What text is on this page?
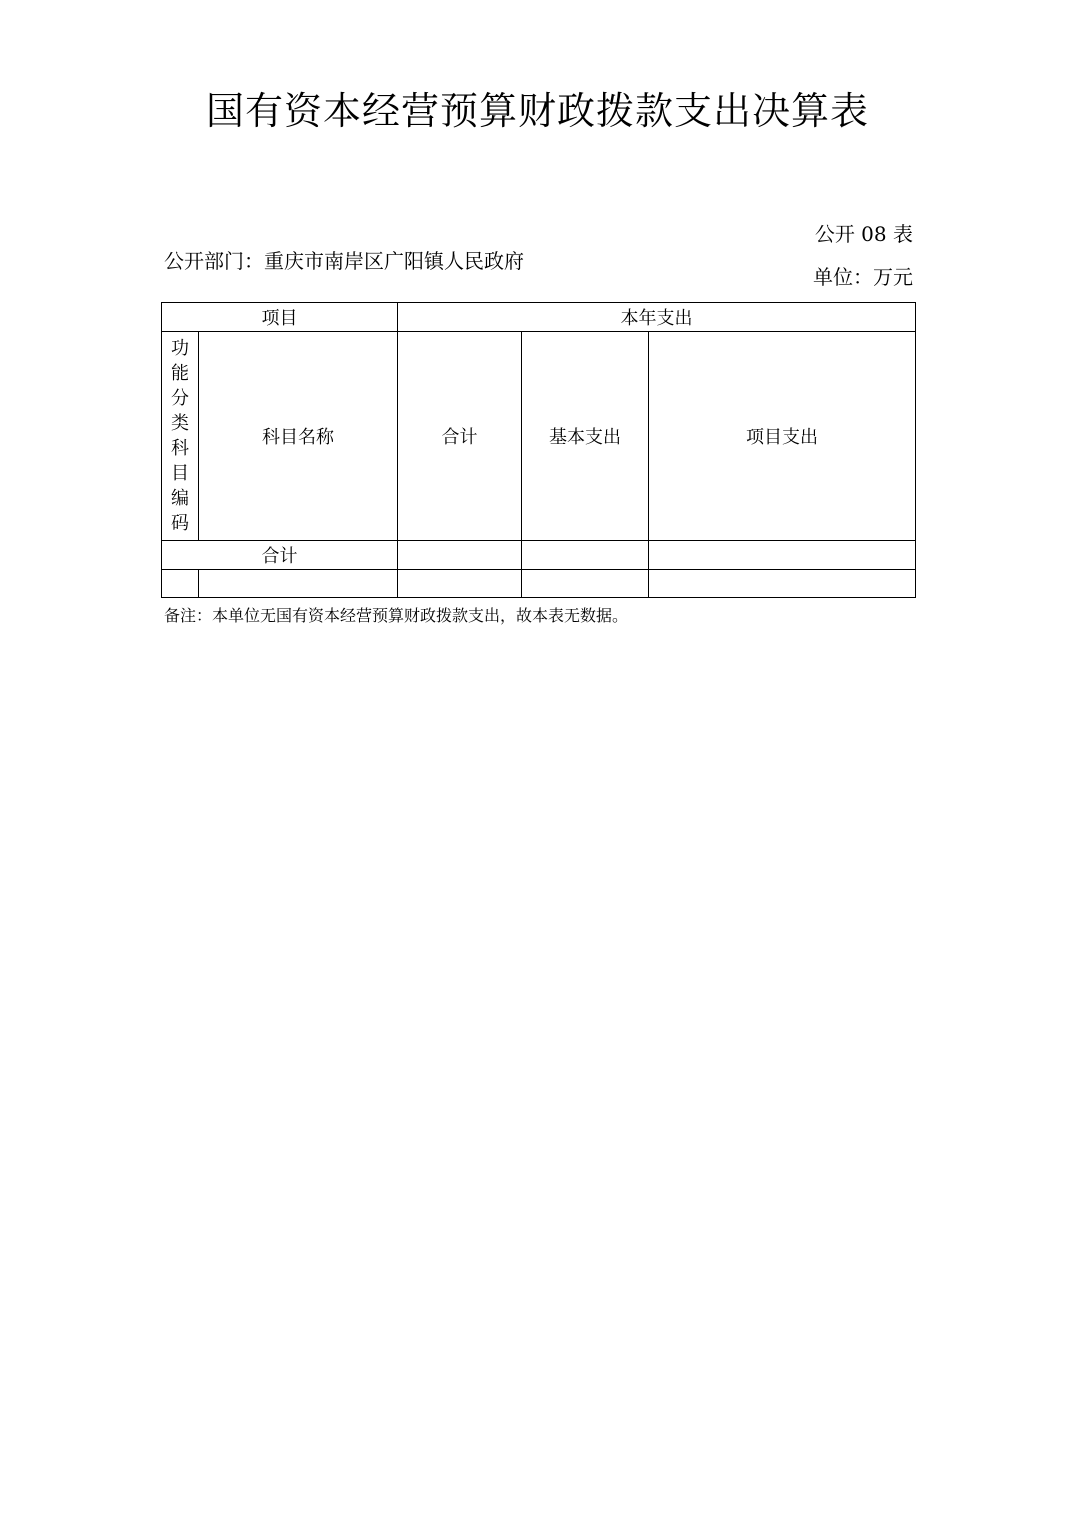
国有资本经营预算财政拨款支出决算表
公开 08 表
公开部门：重庆市南岸区广阳镇人民政府
单位：万元
项目		本年支出		
功能分类科目编码	科目名称	合计	基本支出	项目支出
合计				

备注：本单位无国有资本经营预算财政拨款支出，故本表无数据。
